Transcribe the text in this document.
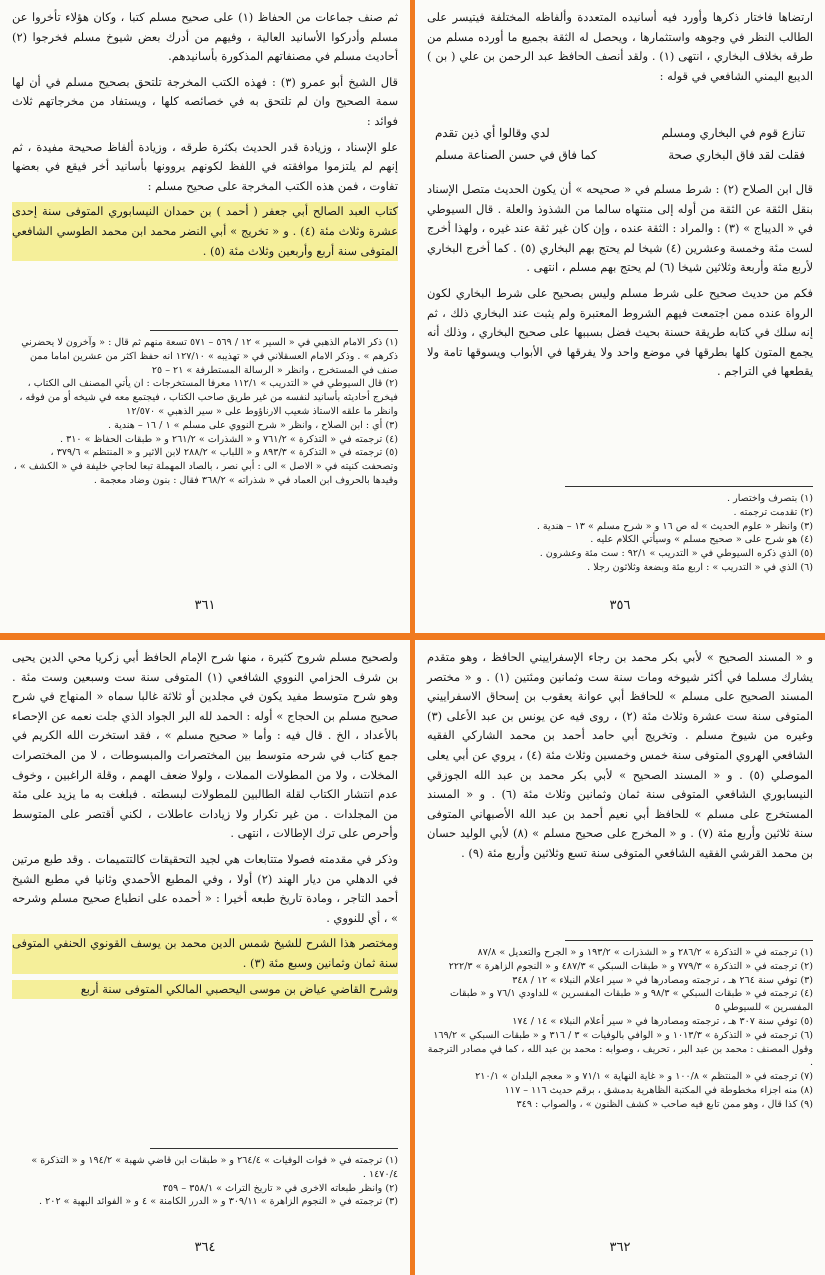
ثم صنف جماعات من الحفاظ (١) على صحيح مسلم كتبا ، وكان هؤلاء تأخروا عن مسلم وأدركوا الأسانيد العالية ، وفيهم من أدرك بعض شيوخ مسلم فخرجوا (٢) أحاديث مسلم في مصنفاتهم المذكورة بأسانيدهم.

قال الشيخ أبو عمرو (٣) : فهذه الكتب المخرجة تلتحق بصحيح مسلم في أن لها سمة الصحيح وان لم تلتحق به في خصائصه كلها ، ويستفاد من مخرجاتهم ثلاث فوائد :

علو الإسناد ، وزيادة قدر الحديث بكثرة طرقه ، وزيادة ألفاظ صحيحة مفيدة ، ثم إنهم لم يلتزموا موافقته في اللفظ لكونهم يروونها بأسانيد أخر فيقع في بعضها تفاوت ، فمن هذه الكتب المخرجة على صحيح مسلم :

كتاب العبد الصالح أبي جعفر ( أحمد ) بن حمدان النيسابوري المتوفى سنة إحدى عشرة وثلاث مئة (٤) . و « تخريج » أبي النضر محمد ابن محمد الطوسي الشافعي المتوفى سنة أربع وأربعين وثلاث مئة (٥) .

(١) ذكر الامام الذهبي في « السير » ١٢ / ٥٦٩ – ٥٧١ تسعة منهم ثم قال : « وآخرون لا يحضرني ذكرهم » . وذكر الامام العسقلاني في « تهذيبه » ١٢٧/١٠ انه حفظ اكثر من عشرين اماما ممن صنف في المستخرج ، وانظر « الرسالة المستطرفة » ٢١ – ٢٥
(٢) قال السيوطي في « التدريب » ١١٢/١ معرفا المستخرجات : ان يأتي المصنف الى الكتاب ، فيخرج أحاديثه بأسانيد لنفسه من غير طريق صاحب الكتاب ، فيجتمع معه في شيخه أو من فوقه ، وانظر ما علقه الاستاذ شعيب الارناؤوط على « سير الذهبي » ١٢/٥٧٠
(٣) أي : ابن الصلاح ، وانظر « شرح النووي على مسلم » ١ / ١٦ – هندية .
(٤) ترجمته في « التذكرة » ٧٦١/٢ و « الشذرات » ٢٦١/٢ و « طبقات الحفاظ » ٣١٠ .
(٥) ترجمته في « التذكرة » ٨٩٣/٣ و « اللباب » ٢٨٨/٢ لابن الاثير و « المنتظم » ٣٧٩/٦ ، وتصحفت كنيته في « الاصل » الى : أبي نصر ، بالصاد المهملة تبعا لحاجي خليفة في « الكشف » ، وقيدها بالحروف ابن العماد في « شذراته » ٣٦٨/٢ فقال : بنون وضاد معجمة .
٣٦١

ارتضاها فاختار ذكرها وأورد فيه أسانيده المتعددة وألفاظه المختلفة فيتيسر على الطالب النظر في وجوهه واستثمارها ، ويحصل له الثقة بجميع ما أورده مسلم من طرقه بخلاف البخاري ، انتهى (١) . ولقد أنصف الحافظ عبد الرحمن بن علي ( بن ) الديبع اليمني الشافعي في قوله :

تنازع قوم في البخاري ومسلم
لدي وقالوا أي ذين تقدم
فقلت لقد فاق البخاري صحة
كما فاق في حسن الصناعة مسلم

قال ابن الصلاح (٢) : شرط مسلم في « صحيحه » أن يكون الحديث متصل الإسناد بنقل الثقة عن الثقة من أوله إلى منتهاه سالما من الشذوذ والعلة . قال السيوطي في « الديباج » (٣) : والمراد : الثقة عنده ، وإن كان غير ثقة عند غيره ، ولهذا أخرج لست مئة وخمسة وعشرين (٤) شيخا لم يحتج بهم البخاري (٥) . كما أخرج البخاري لأربع مئة وأربعة وثلاثين شيخا (٦) لم يحتج بهم مسلم ، انتهى .

فكم من حديث صحيح على شرط مسلم وليس بصحيح على شرط البخاري لكون الرواة عنده ممن اجتمعت فيهم الشروط المعتبرة ولم يثبت عند البخاري ذلك ، ثم إنه سلك في كتابه طريقة حسنة بحيث فضل بسببها على صحيح البخاري ، وذلك أنه يجمع المتون كلها بطرقها في موضع واحد ولا يفرقها في الأبواب ويسوقها تامة ولا يقطعها في التراجم .

(١) بتصرف واختصار .
(٢) تقدمت ترجمته .
(٣) وانظر « علوم الحديث » له ص ١٦ و « شرح مسلم » ١٣ – هندية .
(٤) هو شرح على « صحيح مسلم » وسيأتي الكلام عليه .
(٥) الذي ذكره السيوطي في « التدريب » ٩٢/١ : ست مئة وعشرون .
(٦) الذي في « التدريب » : اربع مئة وبضعة وثلاثون رجلا .
٣٥٦

ولصحيح مسلم شروح كثيرة ، منها شرح الإمام الحافظ أبي زكريا محي الدين يحيى بن شرف الحزامي النووي الشافعي (١) المتوفى سنة ست وسبعين وست مئة . وهو شرح متوسط مفيد يكون في مجلدين أو ثلاثة غالبا سماه « المنهاج في شرح صحيح مسلم بن الحجاج » أوله : الحمد لله البر الجواد الذي جلت نعمه عن الإحصاء بالأعداد ، الخ . قال فيه : وأما « صحيح مسلم » ، فقد استخرت الله الكريم في جمع كتاب في شرحه متوسط بين المختصرات والمبسوطات ، لا من المختصرات المخلات ، ولا من المطولات المملات ، ولولا ضعف الهمم ، وقلة الراغبين ، وخوف عدم انتشار الكتاب لقلة الطالبين للمطولات لبسطته . فبلغت به ما يزيد على مئة من المجلدات . من غير تكرار ولا زيادات عاطلات ، لكني أقتصر على المتوسط وأحرص على ترك الإطالات ، انتهى .

وذكر في مقدمته فصولا متتابعات هي لجيد التحقيقات كالتتميمات . وقد طبع مرتين في الدهلي من ديار الهند (٢) أولا ، وفي المطبع الأحمدي وثانيا في مطبع الشيخ أحمد التاجر ، ومادة تاريخ طبعه أخيرا : « أحمده على انطباع صحيح مسلم وشرحه » ، أي للنووي .

ومختصر هذا الشرح للشيخ شمس الدين محمد بن يوسف القونوي الحنفي المتوفى سنة ثمان وثمانين وسبع مئة (٣) .

وشرح القاضي عياض بن موسى اليحصبي المالكي المتوفى سنة أربع

(١) ترجمته في « فوات الوفيات » ٢٦٤/٤ و « طبقات ابن قاضي شهبة » ١٩٤/٢ و « التذكرة » ١٤٧٠/٤ .
(٢) وانظر طبعاته الاخرى في « تاريخ التراث » ٣٥٨/١ – ٣٥٩
(٣) ترجمته في « النجوم الزاهرة » ٣٠٩/١١ و « الدرر الكامنة » ٤ و « الفوائد البهية » ٢٠٢ .
٣٦٤

و « المسند الصحيح » لأبي بكر محمد بن رجاء الإسفراييني الحافظ ، وهو متقدم يشارك مسلما في أكثر شيوخه ومات سنة ست وثمانين ومئتين (١) . و « مختصر المسند الصحيح على مسلم » للحافظ أبي عوانة يعقوب بن إسحاق الاسفراييني المتوفى سنة ست عشرة وثلاث مئة (٢) ، روى فيه عن يونس بن عبد الأعلى (٣) وغيره من شيوخ مسلم . وتخريج أبي حامد أحمد بن محمد الشاركي الفقيه الشافعي الهروي المتوفى سنة خمس وخمسين وثلاث مئة (٤) ، يروي عن أبي يعلى الموصلي (٥) . و « المسند الصحيح » لأبي بكر محمد بن عبد الله الجوزقي النيسابوري الشافعي المتوفى سنة ثمان وثمانين وثلاث مئة (٦) . و « المسند المستخرج على مسلم » للحافظ أبي نعيم أحمد بن عبد الله الأصبهاني المتوفى سنة ثلاثين وأربع مئة (٧) . و « المخرج على صحيح مسلم » (٨) لأبي الوليد حسان بن محمد القرشي الفقيه الشافعي المتوفى سنة تسع وثلاثين وأربع مئة (٩) .

(١) ترجمته في « التذكرة » ٢٨٦/٢ و « الشذرات » ١٩٣/٢ و « الجرح والتعديل » ٨٧/٨
(٢) ترجمته في « التذكرة » ٧٧٩/٣ و « طبقات السبكي » ٤٨٧/٣ و « النجوم الزاهرة » ٢٢٢/٣
(٣) توفي سنة ٢٦٤ هـ ، ترجمته ومصادرها في « سير اعلام النبلاء » ١٢ / ٣٤٨
(٤) ترجمته في « طبقات السبكي » ٩٨/٣ و « طبقات المفسرين » للداودي ٧٦/١ و « طبقات المفسرين » للسيوطي ٥
(٥) توفي سنة ٣٠٧ هـ ، ترجمته ومصادرها في « سير أعلام النبلاء » ١٤ / ١٧٤
(٦) ترجمته في « التذكرة » ١٠١٣/٣ و « الوافي بالوفيات » ٣ / ٣١٦ و « طبقات السبكي » ١٦٩/٢ وقول المصنف : محمد بن عبد البر ، تحريف ، وصوابه : محمد بن عبد الله ، كما في مصادر الترجمة .
(٧) ترجمته في « المنتظم » ١٠٠/٨ و « غاية النهاية » ٧١/١ و « معجم البلدان » ٢١٠/١
(٨) منه اجزاء مخطوطة في المكتبة الظاهرية بدمشق ، برقم حديث ١١٦ – ١١٧
(٩) كذا قال ، وهو ممن تابع فيه صاحب « كشف الظنون » ، والصواب : ٣٤٩
٣٦٢
